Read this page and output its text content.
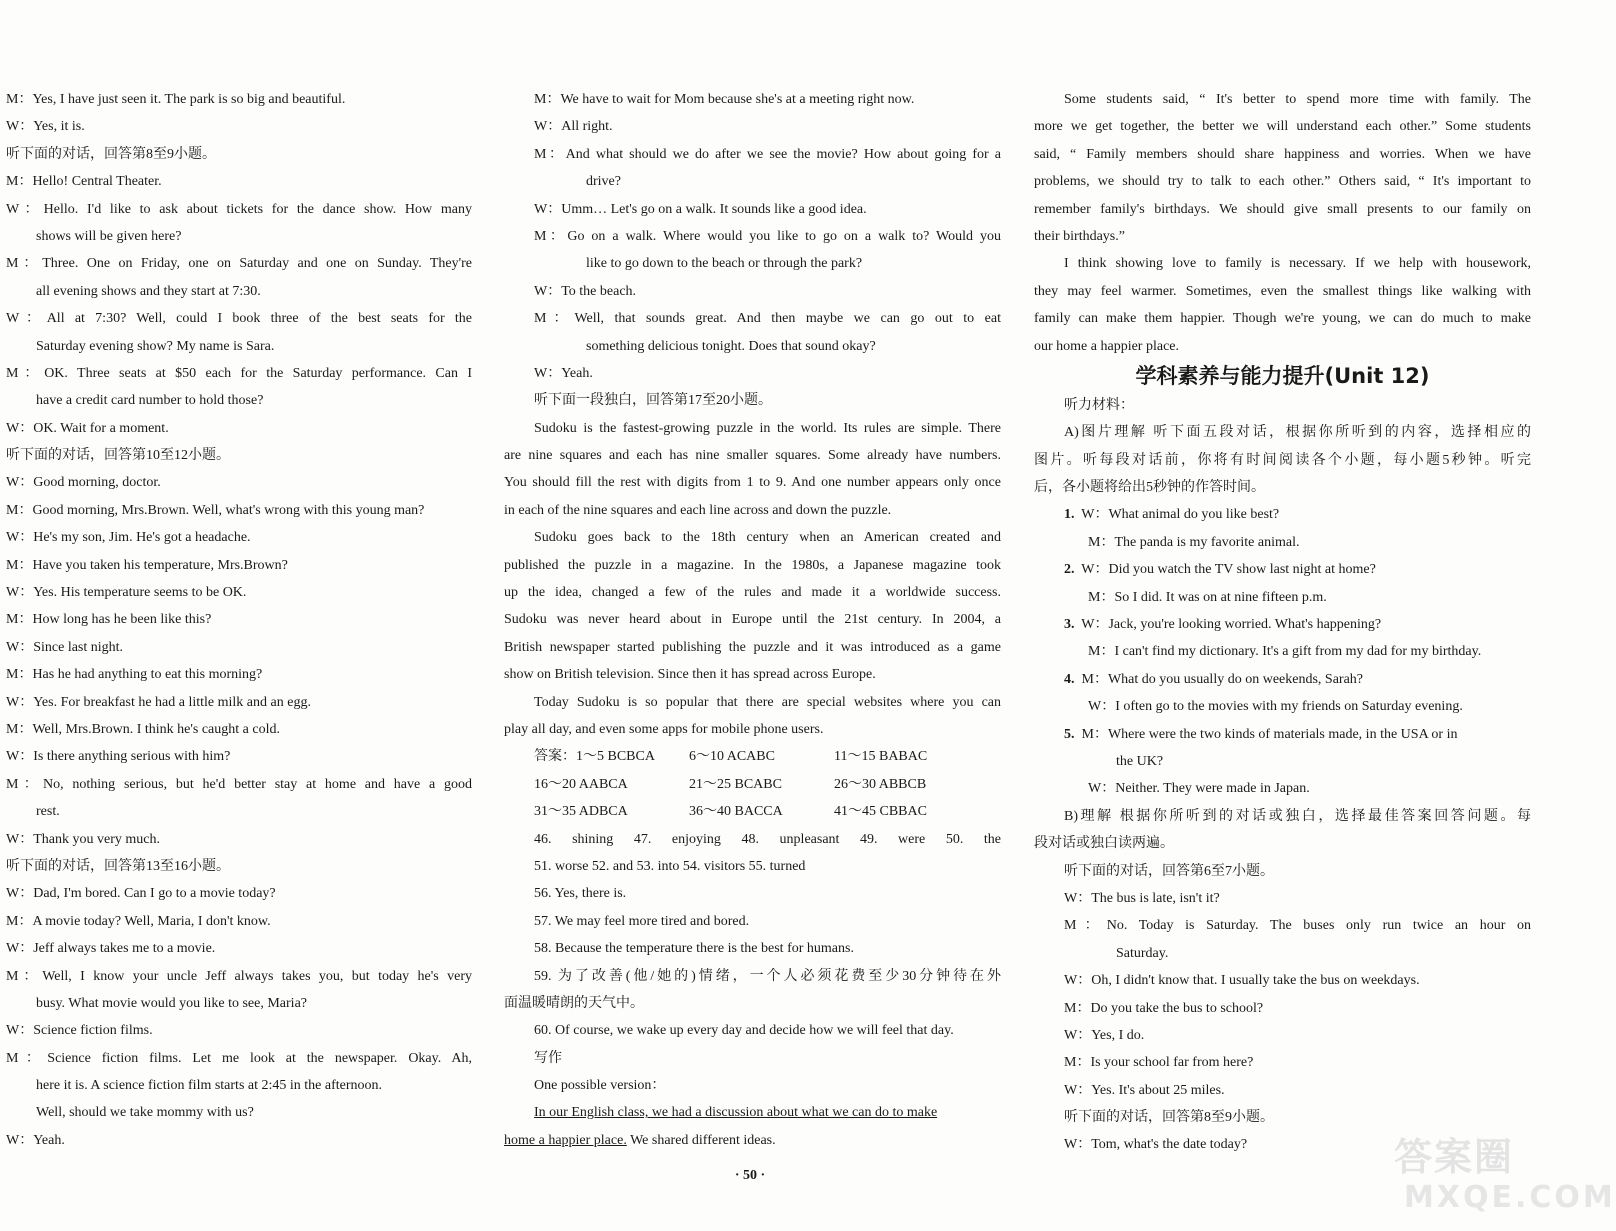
M：Yes, I have just seen it. The park is so big and beautiful.
W：Yes, it is.
听下面的对话，回答第8至9小题。
M：Hello! Central Theater.
W：Hello. I'd like to ask about tickets for the dance show. How many
shows will be given here?
M：Three. One on Friday, one on Saturday and one on Sunday. They're
all evening shows and they start at 7:30.
W：All at 7:30? Well, could I book three of the best seats for the
Saturday evening show? My name is Sara.
M：OK. Three seats at $50 each for the Saturday performance. Can I
have a credit card number to hold those?
W：OK. Wait for a moment.
听下面的对话，回答第10至12小题。
W：Good morning, doctor.
M：Good morning, Mrs.Brown. Well, what's wrong with this young man?
W：He's my son, Jim. He's got a headache.
M：Have you taken his temperature, Mrs.Brown?
W：Yes. His temperature seems to be OK.
M：How long has he been like this?
W：Since last night.
M：Has he had anything to eat this morning?
W：Yes. For breakfast he had a little milk and an egg.
M：Well, Mrs.Brown. I think he's caught a cold.
W：Is there anything serious with him?
M：No, nothing serious, but he'd better stay at home and have a good
rest.
W：Thank you very much.
听下面的对话，回答第13至16小题。
W：Dad, I'm bored. Can I go to a movie today?
M：A movie today? Well, Maria, I don't know.
W：Jeff always takes me to a movie.
M：Well, I know your uncle Jeff always takes you, but today he's very
busy. What movie would you like to see, Maria?
W：Science fiction films.
M：Science fiction films. Let me look at the newspaper. Okay. Ah,
here it is. A science fiction film starts at 2:45 in the afternoon.
Well, should we take mommy with us?
W：Yeah.
M：We have to wait for Mom because she's at a meeting right now.
W：All right.
M：And what should we do after we see the movie? How about going for a
drive?
W：Umm… Let's go on a walk. It sounds like a good idea.
M：Go on a walk. Where would you like to go on a walk to? Would you
like to go down to the beach or through the park?
W：To the beach.
M：Well, that sounds great. And then maybe we can go out to eat
something delicious tonight. Does that sound okay?
W：Yeah.
听下面一段独白，回答第17至20小题。
Sudoku is the fastest-growing puzzle in the world. Its rules are simple. There
are nine squares and each has nine smaller squares. Some already have numbers.
You should fill the rest with digits from 1 to 9. And one number appears only once
in each of the nine squares and each line across and down the puzzle.
Sudoku goes back to the 18th century when an American created and
published the puzzle in a magazine. In the 1980s, a Japanese magazine took
up the idea, changed a few of the rules and made it a worldwide success.
Sudoku was never heard about in Europe until the 21st century. In 2004, a
British newspaper started publishing the puzzle and it was introduced as a game
show on British television. Since then it has spread across Europe.
Today Sudoku is so popular that there are special websites where you can
play all day, and even some apps for mobile phone users.
答案：1～5 BCBCA 6～10 ACABC	11～15 BABAC
16～20 AABCA	21～25 BCABC	26～30 ABBCB
31～35 ADBCA	36～40 BACCA	41～45 CBBAC
46. shining 47. enjoying 48. unpleasant 49. were 50. the
51. worse 52. and 53. into 54. visitors 55. turned
56. Yes, there is.
57. We may feel more tired and bored.
58. Because the temperature there is the best for humans.
59. 为了改善(他/她的)情绪，一个人必须花费至少30分钟待在外
面温暖晴朗的天气中。
60. Of course, we wake up every day and decide how we will feel that day.
写作
One possible version：
In our English class, we had a discussion about what we can do to make
home a happier place. We shared different ideas.
Some students said, “ It's better to spend more time with family. The
more we get together, the better we will understand each other.” Some students
said, “ Family members should share happiness and worries. When we have
problems, we should try to talk to each other.” Others said, “ It's important to
remember family's birthdays. We should give small presents to our family on
their birthdays.”
I think showing love to family is necessary. If we help with housework,
they may feel warmer. Sometimes, even the smallest things like walking with
family can make them happier. Though we're young, we can do much to make
our home a happier place.
学科素养与能力提升(Unit 12)
听力材料：
A)图片理解 听下面五段对话，根据你所听到的内容，选择相应的
图片。听每段对话前，你将有时间阅读各个小题，每小题5秒钟。听完
后，各小题将给出5秒钟的作答时间。
1. W：What animal do you like best?
M：The panda is my favorite animal.
2. W：Did you watch the TV show last night at home?
M：So I did. It was on at nine fifteen p.m.
3. W：Jack, you're looking worried. What's happening?
M：I can't find my dictionary. It's a gift from my dad for my birthday.
4. M：What do you usually do on weekends, Sarah?
W：I often go to the movies with my friends on Saturday evening.
5. M：Where were the two kinds of materials made, in the USA or in
the UK?
W：Neither. They were made in Japan.
B)理解 根据你所听到的对话或独白，选择最佳答案回答问题。每
段对话或独白读两遍。
听下面的对话，回答第6至7小题。
W：The bus is late, isn't it?
M：No. Today is Saturday. The buses only run twice an hour on
Saturday.
W：Oh, I didn't know that. I usually take the bus on weekdays.
M：Do you take the bus to school?
W：Yes, I do.
M：Is your school far from here?
W：Yes. It's about 25 miles.
听下面的对话，回答第8至9小题。
W：Tom, what's the date today?
· 50 ·	答案圈
MXQE.COM
